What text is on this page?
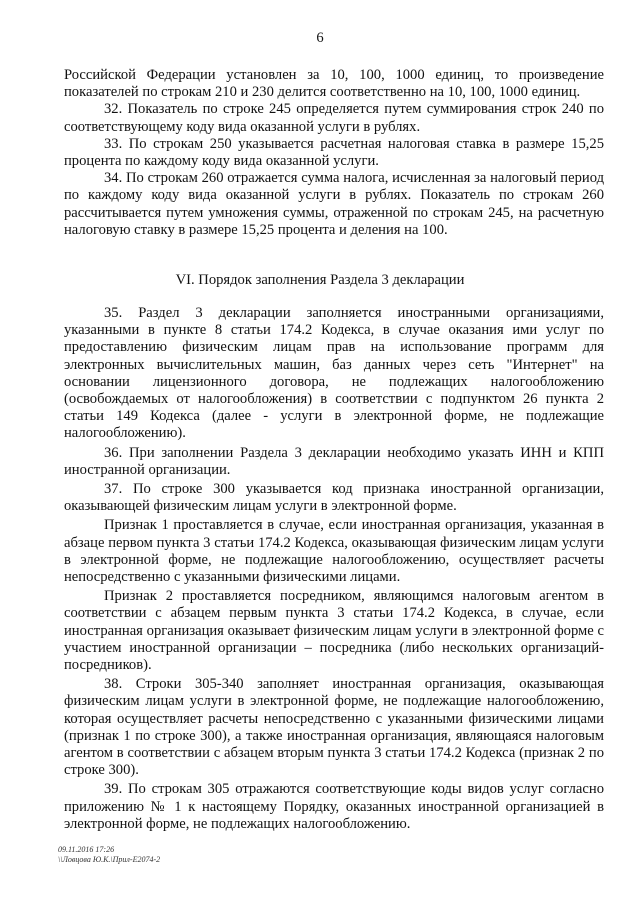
6

Российской Федерации установлен за 10, 100, 1000 единиц, то произведение показателей по строкам 210 и 230 делится соответственно на 10, 100, 1000 единиц.

32. Показатель по строке 245 определяется путем суммирования строк 240 по соответствующему коду вида оказанной услуги в рублях.

33. По строкам 250 указывается расчетная налоговая ставка в размере 15,25 процента по каждому коду вида оказанной услуги.

34. По строкам 260 отражается сумма налога, исчисленная за налоговый период по каждому коду вида оказанной услуги в рублях. Показатель по строкам 260 рассчитывается путем умножения суммы, отраженной по строкам 245, на расчетную налоговую ставку в размере 15,25 процента и деления на 100.

VI. Порядок заполнения Раздела 3 декларации

35. Раздел 3 декларации заполняется иностранными организациями, указанными в пункте 8 статьи 174.2 Кодекса, в случае оказания ими услуг по предоставлению физическим лицам прав на использование программ для электронных вычислительных машин, баз данных через сеть "Интернет" на основании лицензионного договора, не подлежащих налогообложению (освобождаемых от налогообложения) в соответствии с подпунктом 26 пункта 2 статьи 149 Кодекса (далее - услуги в электронной форме, не подлежащие налогообложению).

36. При заполнении Раздела 3 декларации необходимо указать ИНН и КПП иностранной организации.

37. По строке 300 указывается код признака иностранной организации, оказывающей физическим лицам услуги в электронной форме.

Признак 1 проставляется в случае, если иностранная организация, указанная в абзаце первом пункта 3 статьи 174.2 Кодекса, оказывающая физическим лицам услуги в электронной форме, не подлежащие налогообложению, осуществляет расчеты непосредственно с указанными физическими лицами.

Признак 2 проставляется посредником, являющимся налоговым агентом в соответствии с абзацем первым пункта 3 статьи 174.2 Кодекса, в случае, если иностранная организация оказывает физическим лицам услуги в электронной форме с участием иностранной организации – посредника (либо нескольких организаций-посредников).

38. Строки 305-340 заполняет иностранная организация, оказывающая физическим лицам услуги в электронной форме, не подлежащие налогообложению, которая осуществляет расчеты непосредственно с указанными физическими лицами (признак 1 по строке 300), а также иностранная организация, являющаяся налоговым агентом в соответствии с абзацем вторым пункта 3 статьи 174.2 Кодекса (признак 2 по строке 300).

39. По строкам 305 отражаются соответствующие коды видов услуг согласно приложению № 1 к настоящему Порядку, оказанных иностранной организацией в электронной форме, не подлежащих налогообложению.

09.11.2016 17:26
\\Ловцова Ю.К.\Прил-Е2074-2
